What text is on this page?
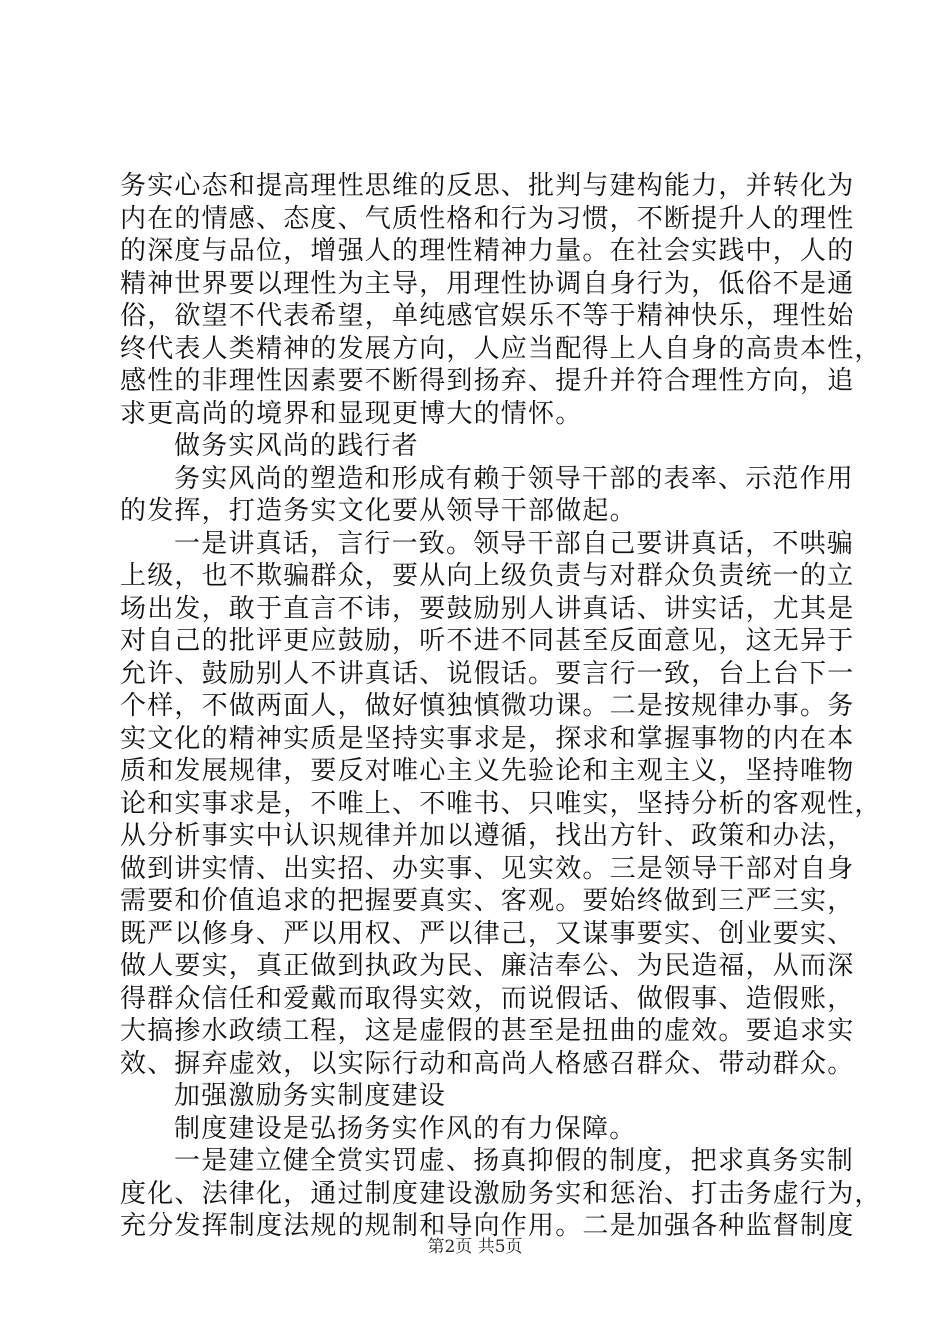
务实心态和提高理性思维的反思、批判与建构能力，并转化为
内在的情感、态度、气质性格和行为习惯，不断提升人的理性
的深度与品位，增强人的理性精神力量。在社会实践中，人的
精神世界要以理性为主导，用理性协调自身行为，低俗不是通
俗，欲望不代表希望，单纯感官娱乐不等于精神快乐，理性始
终代表人类精神的发展方向，人应当配得上人自身的高贵本性，
感性的非理性因素要不断得到扬弃、提升并符合理性方向，追
求更高尚的境界和显现更博大的情怀。
做务实风尚的践行者
务实风尚的塑造和形成有赖于领导干部的表率、示范作用
的发挥，打造务实文化要从领导干部做起。
一是讲真话，言行一致。领导干部自己要讲真话，不哄骗
上级，也不欺骗群众，要从向上级负责与对群众负责统一的立
场出发，敢于直言不讳，要鼓励别人讲真话、讲实话，尤其是
对自己的批评更应鼓励，听不进不同甚至反面意见，这无异于
允许、鼓励别人不讲真话、说假话。要言行一致，台上台下一
个样，不做两面人，做好慎独慎微功课。二是按规律办事。务
实文化的精神实质是坚持实事求是，探求和掌握事物的内在本
质和发展规律，要反对唯心主义先验论和主观主义，坚持唯物
论和实事求是，不唯上、不唯书、只唯实，坚持分析的客观性，
从分析事实中认识规律并加以遵循，找出方针、政策和办法，
做到讲实情、出实招、办实事、见实效。三是领导干部对自身
需要和价值追求的把握要真实、客观。要始终做到三严三实，
既严以修身、严以用权、严以律己，又谋事要实、创业要实、
做人要实，真正做到执政为民、廉洁奉公、为民造福，从而深
得群众信任和爱戴而取得实效，而说假话、做假事、造假账，
大搞掺水政绩工程，这是虚假的甚至是扭曲的虚效。要追求实
效、摒弃虚效，以实际行动和高尚人格感召群众、带动群众。
加强激励务实制度建设
制度建设是弘扬务实作风的有力保障。
一是建立健全赏实罚虚、扬真抑假的制度，把求真务实制
度化、法律化，通过制度建设激励务实和惩治、打击务虚行为，
充分发挥制度法规的规制和导向作用。二是加强各种监督制度
第2页 共5页
